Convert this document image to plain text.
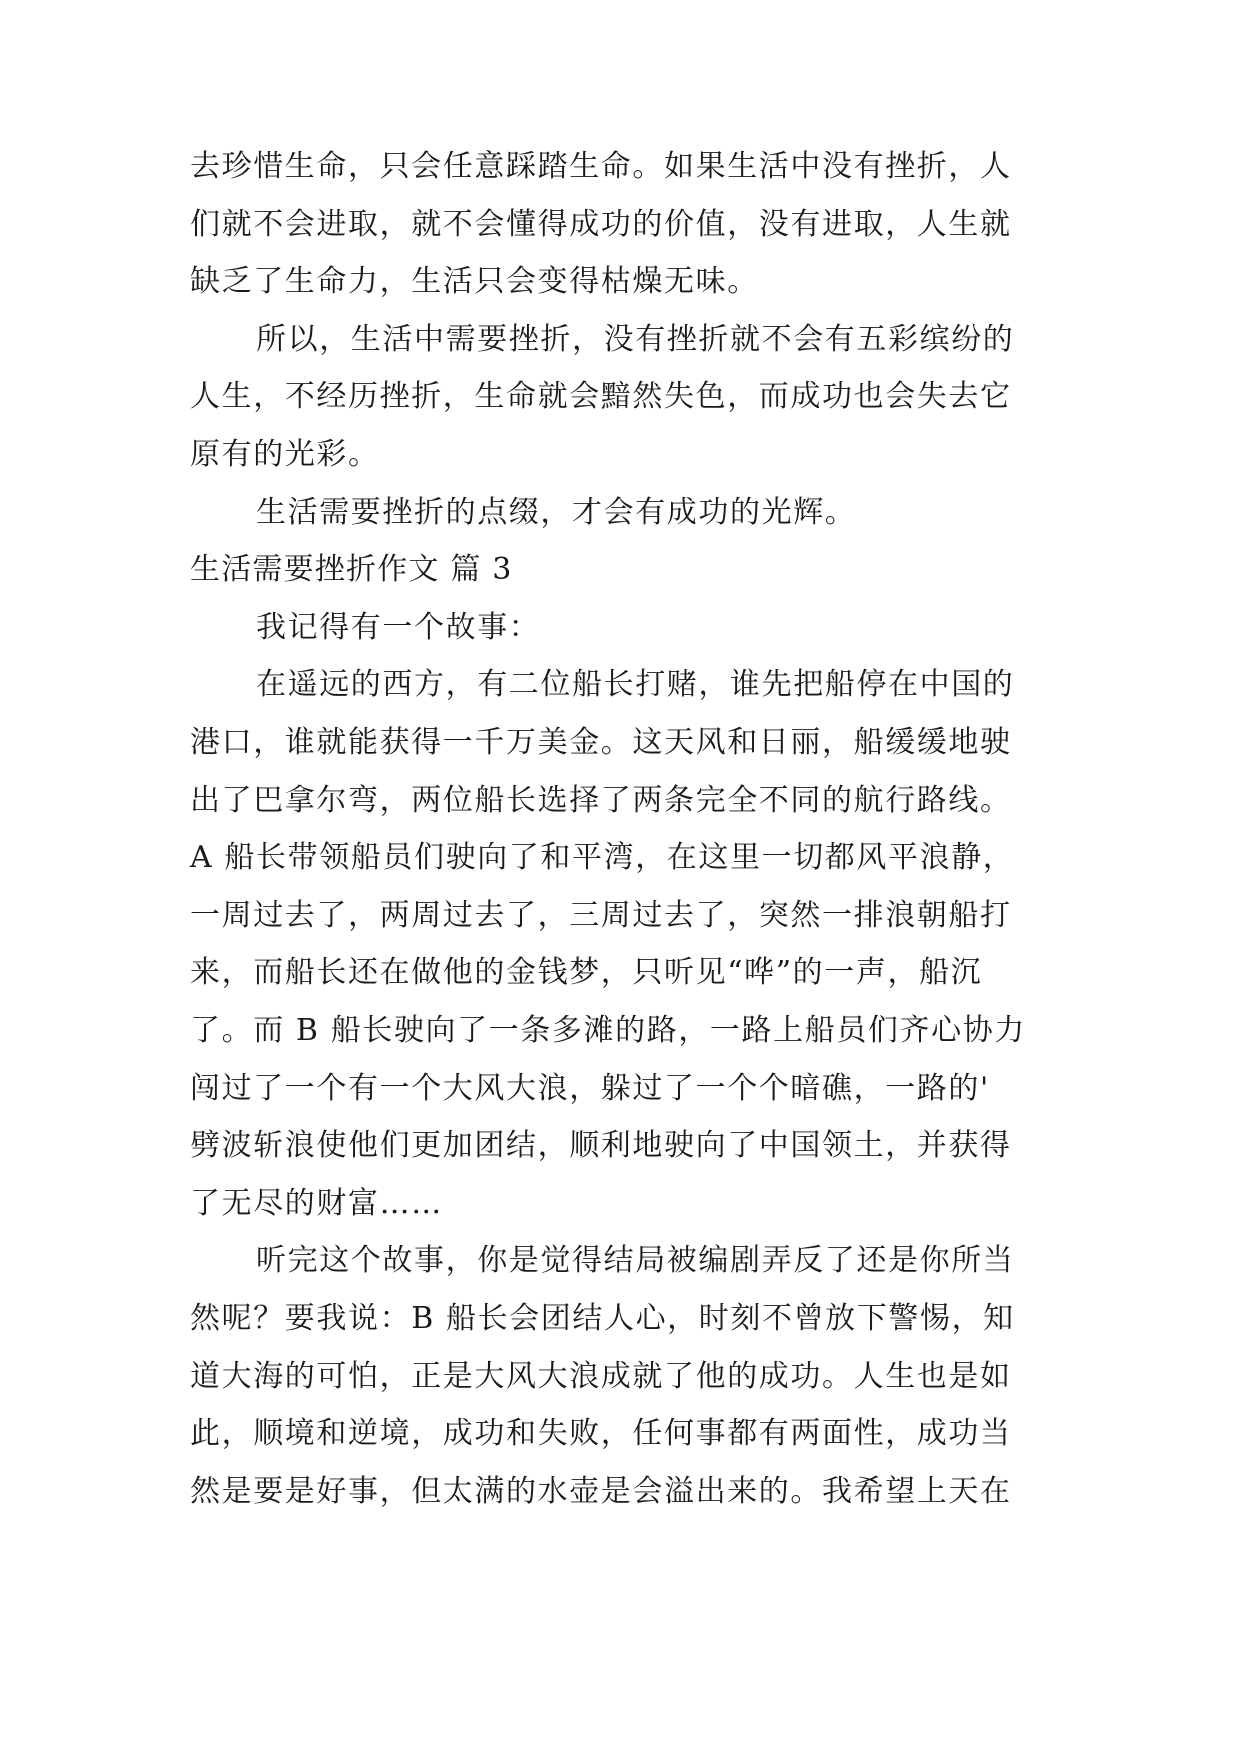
去珍惜生命，只会任意踩踏生命。如果生活中没有挫折，人
们就不会进取，就不会懂得成功的价值，没有进取，人生就
缺乏了生命力，生活只会变得枯燥无味。
所以，生活中需要挫折，没有挫折就不会有五彩缤纷的
人生，不经历挫折，生命就会黯然失色，而成功也会失去它
原有的光彩。
生活需要挫折的点缀，才会有成功的光辉。
生活需要挫折作文 篇 3
我记得有一个故事：
在遥远的西方，有二位船长打赌，谁先把船停在中国的
港口，谁就能获得一千万美金。这天风和日丽，船缓缓地驶
出了巴拿尔弯，两位船长选择了两条完全不同的航行路线。
A 船长带领船员们驶向了和平湾，在这里一切都风平浪静，
一周过去了，两周过去了，三周过去了，突然一排浪朝船打
来，而船长还在做他的金钱梦，只听见“哗”的一声，船沉
了。而 B 船长驶向了一条多滩的路，一路上船员们齐心协力
闯过了一个有一个大风大浪，躲过了一个个暗礁，一路的'
劈波斩浪使他们更加团结，顺利地驶向了中国领土，并获得
了无尽的财富……
听完这个故事，你是觉得结局被编剧弄反了还是你所当
然呢？要我说：B 船长会团结人心，时刻不曾放下警惕，知
道大海的可怕，正是大风大浪成就了他的成功。人生也是如
此，顺境和逆境，成功和失败，任何事都有两面性，成功当
然是要是好事，但太满的水壶是会溢出来的。我希望上天在
